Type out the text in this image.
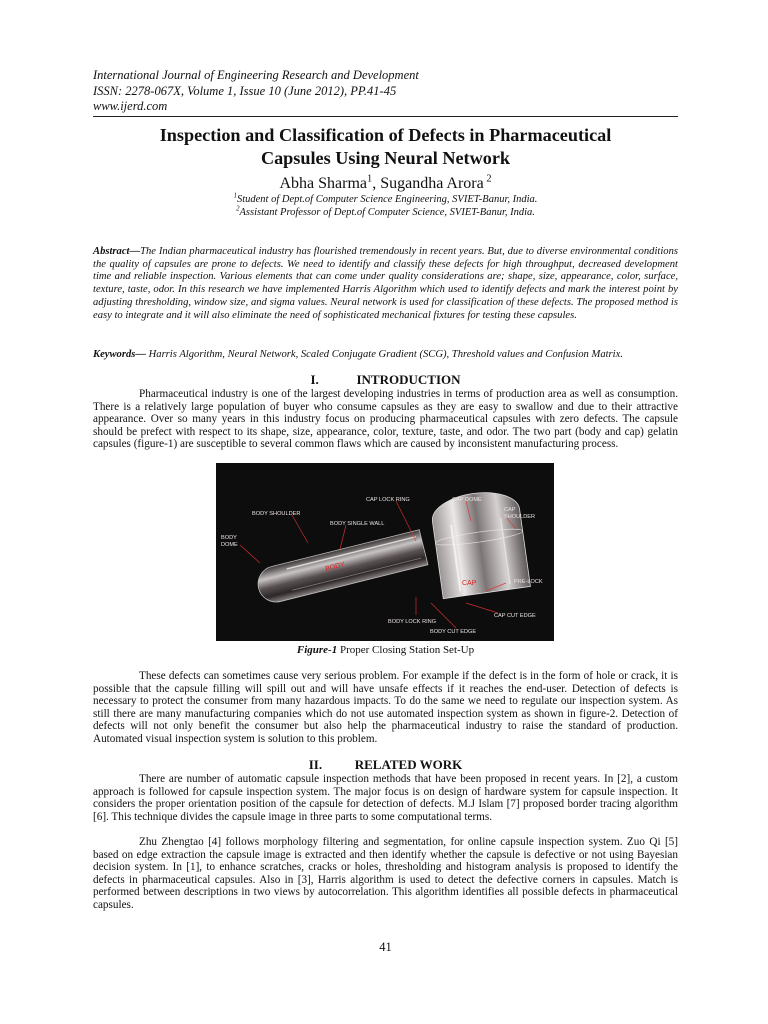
International Journal of Engineering Research and Development
ISSN: 2278-067X, Volume 1, Issue 10 (June 2012), PP.41-45
www.ijerd.com
Inspection and Classification of Defects in Pharmaceutical
Capsules Using Neural Network
Abha Sharma$^1$, Sugandha Arora $^2$
$^1$Student of Dept.of Computer Science Engineering, SVIET-Banur, India.
$^2$Assistant Professor of Dept.of Computer Science, SVIET-Banur, India.
Abstract—The Indian pharmaceutical industry has flourished tremendously in recent years. But, due to diverse environmental conditions the quality of capsules are prone to defects. We need to identify and classify these defects for high throughput, decreased development time and reliable inspection. Various elements that can come under quality considerations are; shape, size, appearance, color, surface, texture, taste, odor. In this research we have implemented Harris Algorithm which used to identify defects and mark the interest point by adjusting thresholding, window size, and sigma values. Neural network is used for classification of these defects. The proposed method is easy to integrate and it will also eliminate the need of sophisticated mechanical fixtures for testing these capsules.
Keywords— Harris Algorithm, Neural Network, Scaled Conjugate Gradient (SCG), Threshold values and Confusion Matrix.
I.	INTRODUCTION
Pharmaceutical industry is one of the largest developing industries in terms of production area as well as consumption. There is a relatively large population of buyer who consume capsules as they are easy to swallow and due to their attractive appearance. Over so many years in this industry focus on producing pharmaceutical capsules with zero defects. The capsule should be prefect with respect to its shape, size, appearance, color, texture, taste, and odor. The two part (body and cap) gelatin capsules (figure-1) are susceptible to several common flaws which are caused by inconsistent manufacturing process.
BODY SHOULDER
CAP LOCK RING	CAP DOME
CAP
SHOULDER
BODY SINGLE WALL
BODY
DOME
BODY
CAP	PRE-LOCK
CAP CUT EDGE
BODY LOCK RING
BODY CUT EDGE
Figure-1 Proper Closing Station Set-Up
These defects can sometimes cause very serious problem. For example if the defect is in the form of hole or crack, it is possible that the capsule filling will spill out and will have unsafe effects if it reaches the end-user. Detection of defects is necessary to protect the consumer from many hazardous impacts. To do the same we need to regulate our inspection system. As still there are many manufacturing companies which do not use automated inspection system as shown in figure-2. Detection of defects will not only benefit the consumer but also help the pharmaceutical industry to raise the standard of production. Automated visual inspection system is solution to this problem.
II.	RELATED WORK
There are number of automatic capsule inspection methods that have been proposed in recent years. In [2], a custom approach is followed for capsule inspection system. The major focus is on design of hardware system for capsule inspection. It considers the proper orientation position of the capsule for detection of defects. M.J Islam [7] proposed border tracing algorithm [6]. This technique divides the capsule image in three parts to some computational terms.
Zhu Zhengtao [4] follows morphology filtering and segmentation, for online capsule inspection system. Zuo Qi [5] based on edge extraction the capsule image is extracted and then identify whether the capsule is defective or not using Bayesian decision system. In [1], to enhance scratches, cracks or holes, thresholding and histogram analysis is proposed to identify the defects in pharmaceutical capsules. Also in [3], Harris algorithm is used to detect the defective corners in capsules. Match is performed between descriptions in two views by autocorrelation. This algorithm identifies all possible defects in pharmaceutical capsules.
41
